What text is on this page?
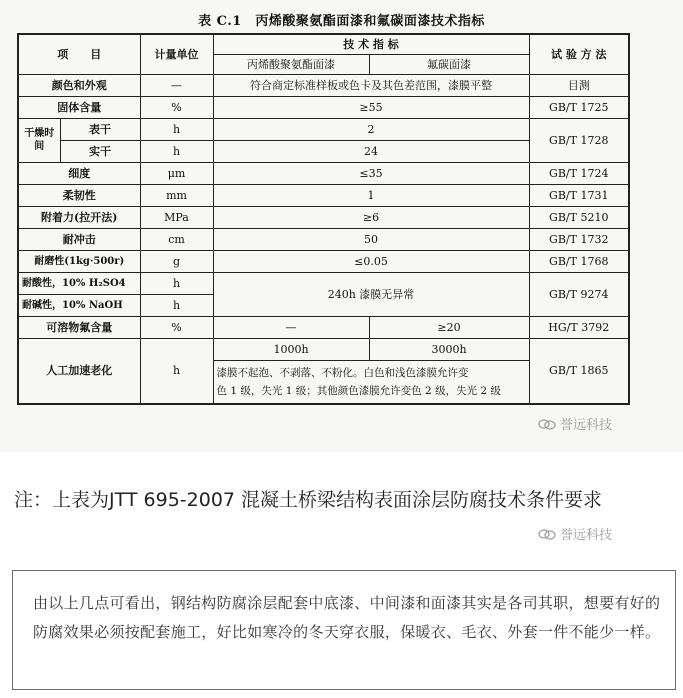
表 C.1　丙烯酸聚氨酯面漆和氟碳面漆技术指标
项　　目		计量单位	技 术 指 标		试 验 方 法
			丙烯酸聚氨酯面漆	氟碳面漆	
颜色和外观		—	符合商定标准样板或色卡及其色差范围，漆膜平整		目测
固体含量		%	≥55		GB/T 1725
干燥时间	表干	h	2		GB/T 1728
	实干	h	24		
细度		μm	≤35		GB/T 1724
柔韧性		mm	1		GB/T 1731
附着力(拉开法)		MPa	≥6		GB/T 5210
耐冲击		cm	50		GB/T 1732
耐磨性(1kg·500r)		g	≤0.05		GB/T 1768
耐酸性，10% H₂SO4		h	240h 漆膜无异常		GB/T 9274
耐碱性，10% NaOH		h			
可溶物氟含量		%	—	≥20	HG/T 3792
人工加速老化		h	1000h	3000h	GB/T 1865

			漆膜不起泡、不剥落、不粉化。白色和浅色漆膜允许变
色 1 级，失光 1 级；其他颜色漆膜允许变色 2 级，失光 2 级		
誉远科技
注：上表为JTT 695-2007 混凝土桥梁结构表面涂层防腐技术条件要求
誉远科技
由以上几点可看出，钢结构防腐涂层配套中底漆、中间漆和面漆其实是各司其职，想要有好的防腐效果必须按配套施工，好比如寒冷的冬天穿衣服，保暖衣、毛衣、外套一件不能少一样。
